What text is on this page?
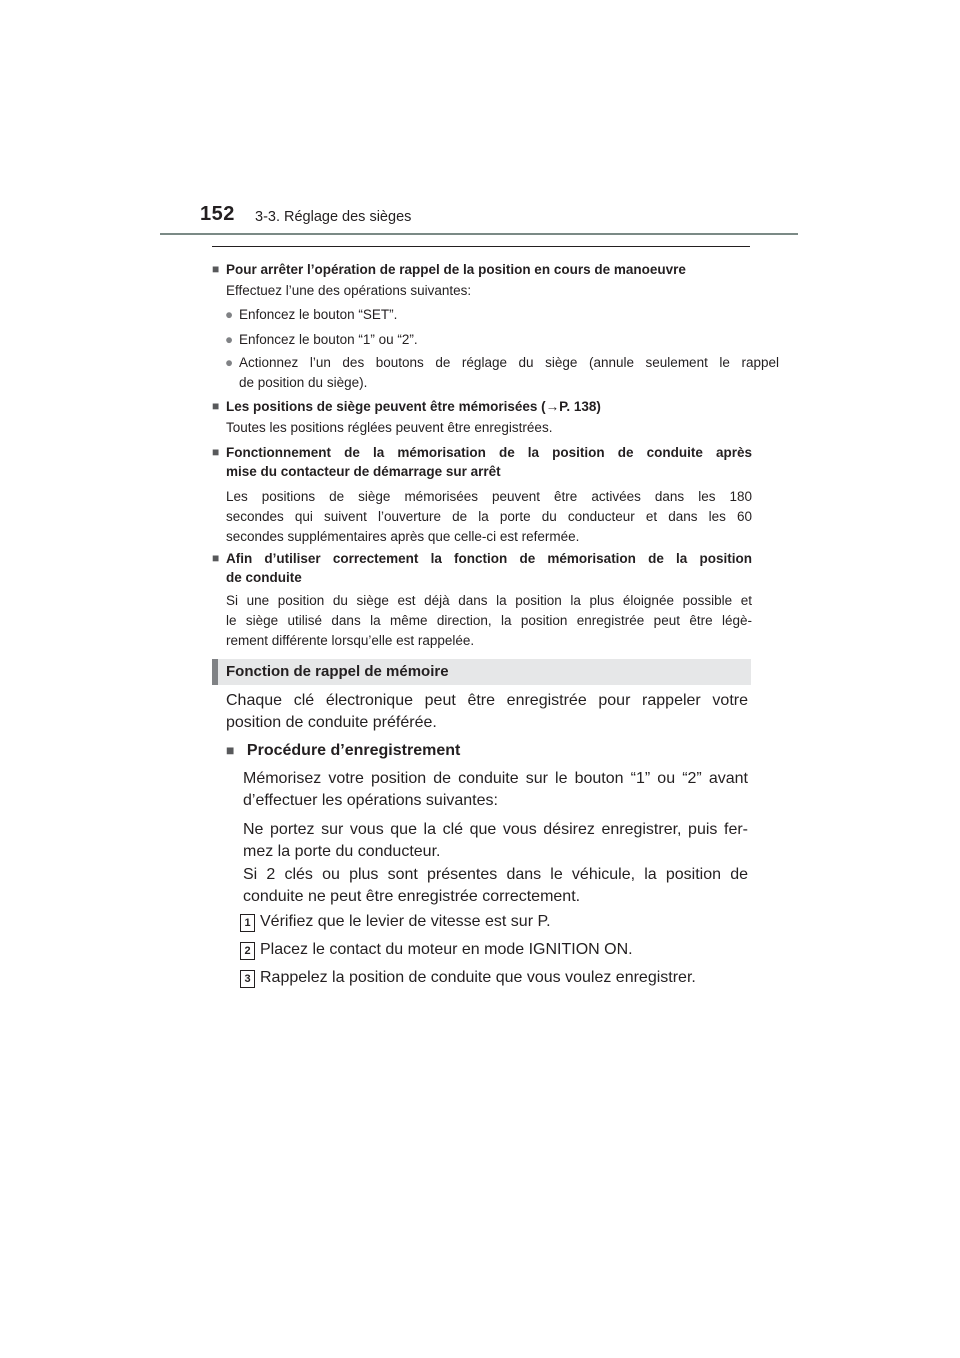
152 3-3. Réglage des sièges
■ Pour arrêter l’opération de rappel de la position en cours de manoeuvre
Effectuez l’une des opérations suivantes:
● Enfoncez le bouton “SET”.
● Enfoncez le bouton “1” ou “2”.
● Actionnez l’un des boutons de réglage du siège (annule seulement le rappel
de position du siège).
■ Les positions de siège peuvent être mémorisées (→P. 138)
Toutes les positions réglées peuvent être enregistrées.
■ Fonctionnement de la mémorisation de la position de conduite après
mise du contacteur de démarrage sur arrêt
Les positions de siège mémorisées peuvent être activées dans les 180
secondes qui suivent l’ouverture de la porte du conducteur et dans les 60
secondes supplémentaires après que celle-ci est refermée.
■ Afin d’utiliser correctement la fonction de mémorisation de la position
de conduite
Si une position du siège est déjà dans la position la plus éloignée possible et
le siège utilisé dans la même direction, la position enregistrée peut être légè-
rement différente lorsqu’elle est rappelée.
Fonction de rappel de mémoire
Chaque clé électronique peut être enregistrée pour rappeler votre
position de conduite préférée.
■ Procédure d’enregistrement
Mémorisez votre position de conduite sur le bouton “1” ou “2” avant
d’effectuer les opérations suivantes:
Ne portez sur vous que la clé que vous désirez enregistrer, puis fer-
mez la porte du conducteur.
Si 2 clés ou plus sont présentes dans le véhicule, la position de
conduite ne peut être enregistrée correctement.
1 Vérifiez que le levier de vitesse est sur P.
2 Placez le contact du moteur en mode IGNITION ON.
3 Rappelez la position de conduite que vous voulez enregistrer.
